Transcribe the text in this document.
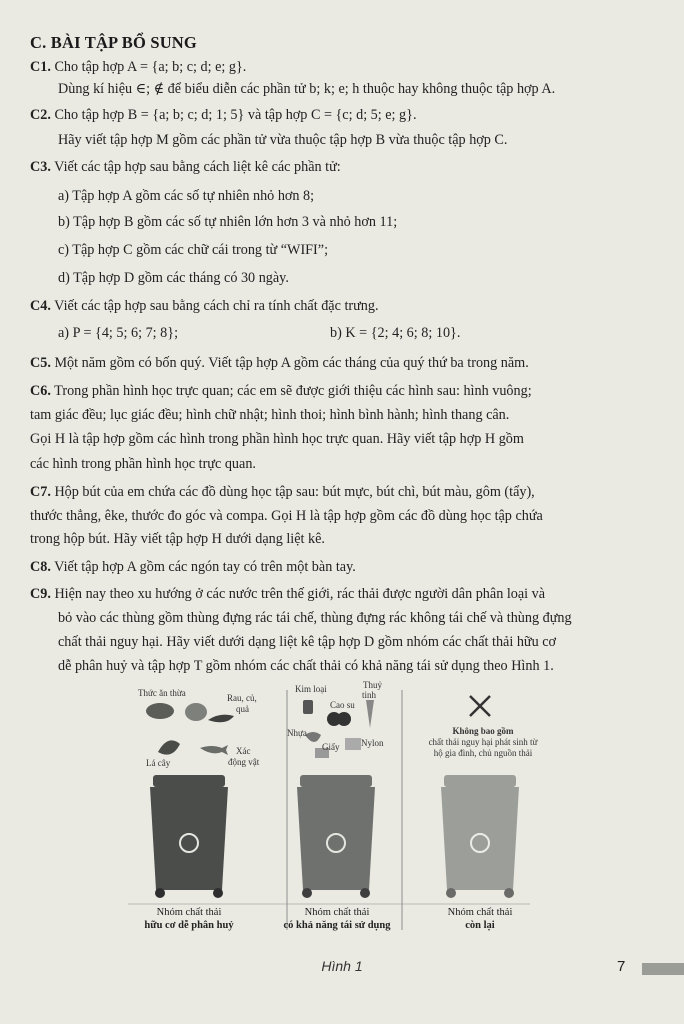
C. BÀI TẬP BỔ SUNG
C1. Cho tập hợp A = {a; b; c; d; e; g}.
Dùng kí hiệu ∈; ∉ để biểu diễn các phần tử b; k; e; h thuộc hay không thuộc tập hợp A.
C2. Cho tập hợp B = {a; b; c; d; 1; 5} và tập hợp C = {c; d; 5; e; g}.
Hãy viết tập hợp M gồm các phần tử vừa thuộc tập hợp B vừa thuộc tập hợp C.
C3. Viết các tập hợp sau bằng cách liệt kê các phần tử:
a) Tập hợp A gồm các số tự nhiên nhỏ hơn 8;
b) Tập hợp B gồm các số tự nhiên lớn hơn 3 và nhỏ hơn 11;
c) Tập hợp C gồm các chữ cái trong từ “WIFI”;
d) Tập hợp D gồm các tháng có 30 ngày.
C4. Viết các tập hợp sau bằng cách chỉ ra tính chất đặc trưng.
a) P = {4; 5; 6; 7; 8};	b) K = {2; 4; 6; 8; 10}.
C5. Một năm gồm có bốn quý. Viết tập hợp A gồm các tháng của quý thứ ba trong năm.
C6. Trong phần hình học trực quan; các em sẽ được giới thiệu các hình sau: hình vuông;
tam giác đều; lục giác đều; hình chữ nhật; hình thoi; hình bình hành; hình thang cân.
Gọi H là tập hợp gồm các hình trong phần hình học trực quan. Hãy viết tập hợp H gồm
các hình trong phần hình học trực quan.
C7. Hộp bút của em chứa các đồ dùng học tập sau: bút mực, bút chì, bút màu, gôm (tẩy),
thước thẳng, êke, thước đo góc và compa. Gọi H là tập hợp gồm các đồ dùng học tập chứa
trong hộp bút. Hãy viết tập hợp H dưới dạng liệt kê.
C8. Viết tập hợp A gồm các ngón tay có trên một bàn tay.
C9. Hiện nay theo xu hướng ở các nước trên thế giới, rác thải được người dân phân loại và
bỏ vào các thùng gồm thùng đựng rác tái chế, thùng đựng rác không tái chế và thùng đựng
chất thải nguy hại. Hãy viết dưới dạng liệt kê tập hợp D gồm nhóm các chất thải hữu cơ
dễ phân huỷ và tập hợp T gồm nhóm các chất thải có khả năng tái sử dụng theo Hình 1.
Thức ăn thừa	Rau, củ,
quả
Lá cây
Xác
động vật
Kim loại	Thuỷ
tinh
Cao su
Nhựa
Nylon
Giấy
Không bao gồm
chất thải nguy hại phát sinh từ hộ gia đình, chủ nguồn thải
Nhóm chất thải
hữu cơ dễ phân huỷ
Nhóm chất thải
có khả năng tái sử dụng
Nhóm chất thải
còn lại
Hình 1	7
